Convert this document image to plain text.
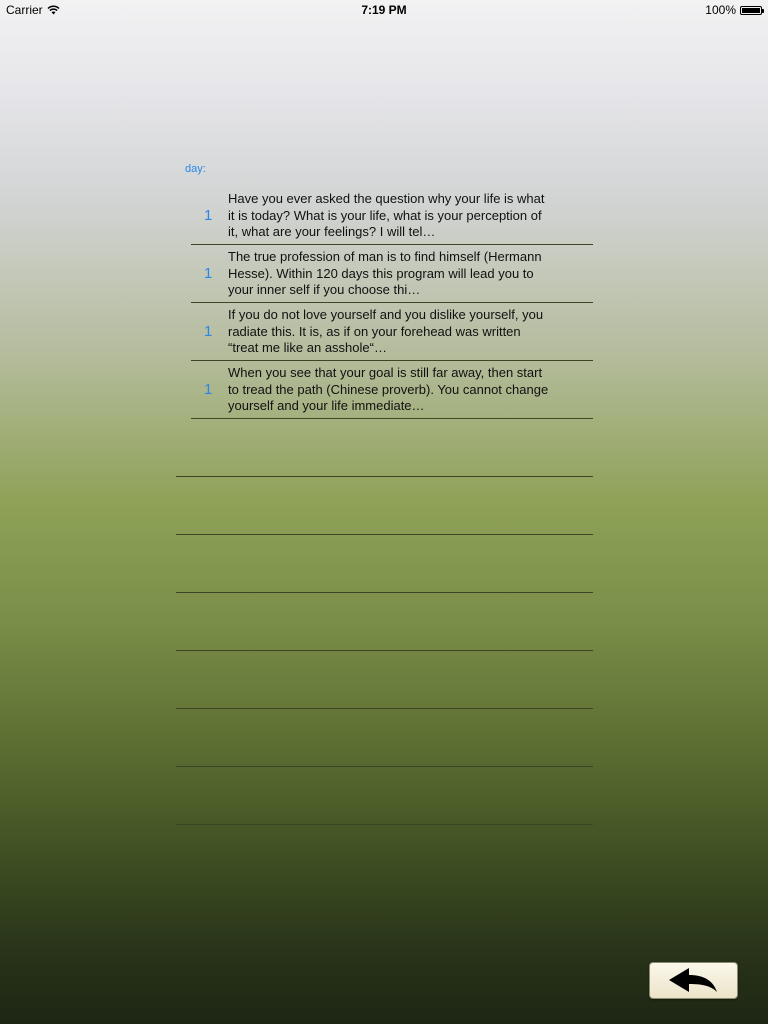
Carrier	7:19 PM	100%
day:
1
Have you ever asked the question why your life is what it is today? What is your life, what is your perception of it, what are your feelings? I will tel…
1
The true profession of man is to find himself (Hermann Hesse). Within 120 days this program will lead you to your inner self if you choose thi…
1
If you do not love yourself and you dislike yourself, you radiate this. It is, as if on your forehead was written “treat me like an asshole“…
1
When you see that your goal is still far away, then start to tread the path (Chinese proverb). You cannot change yourself and your life immediate…
